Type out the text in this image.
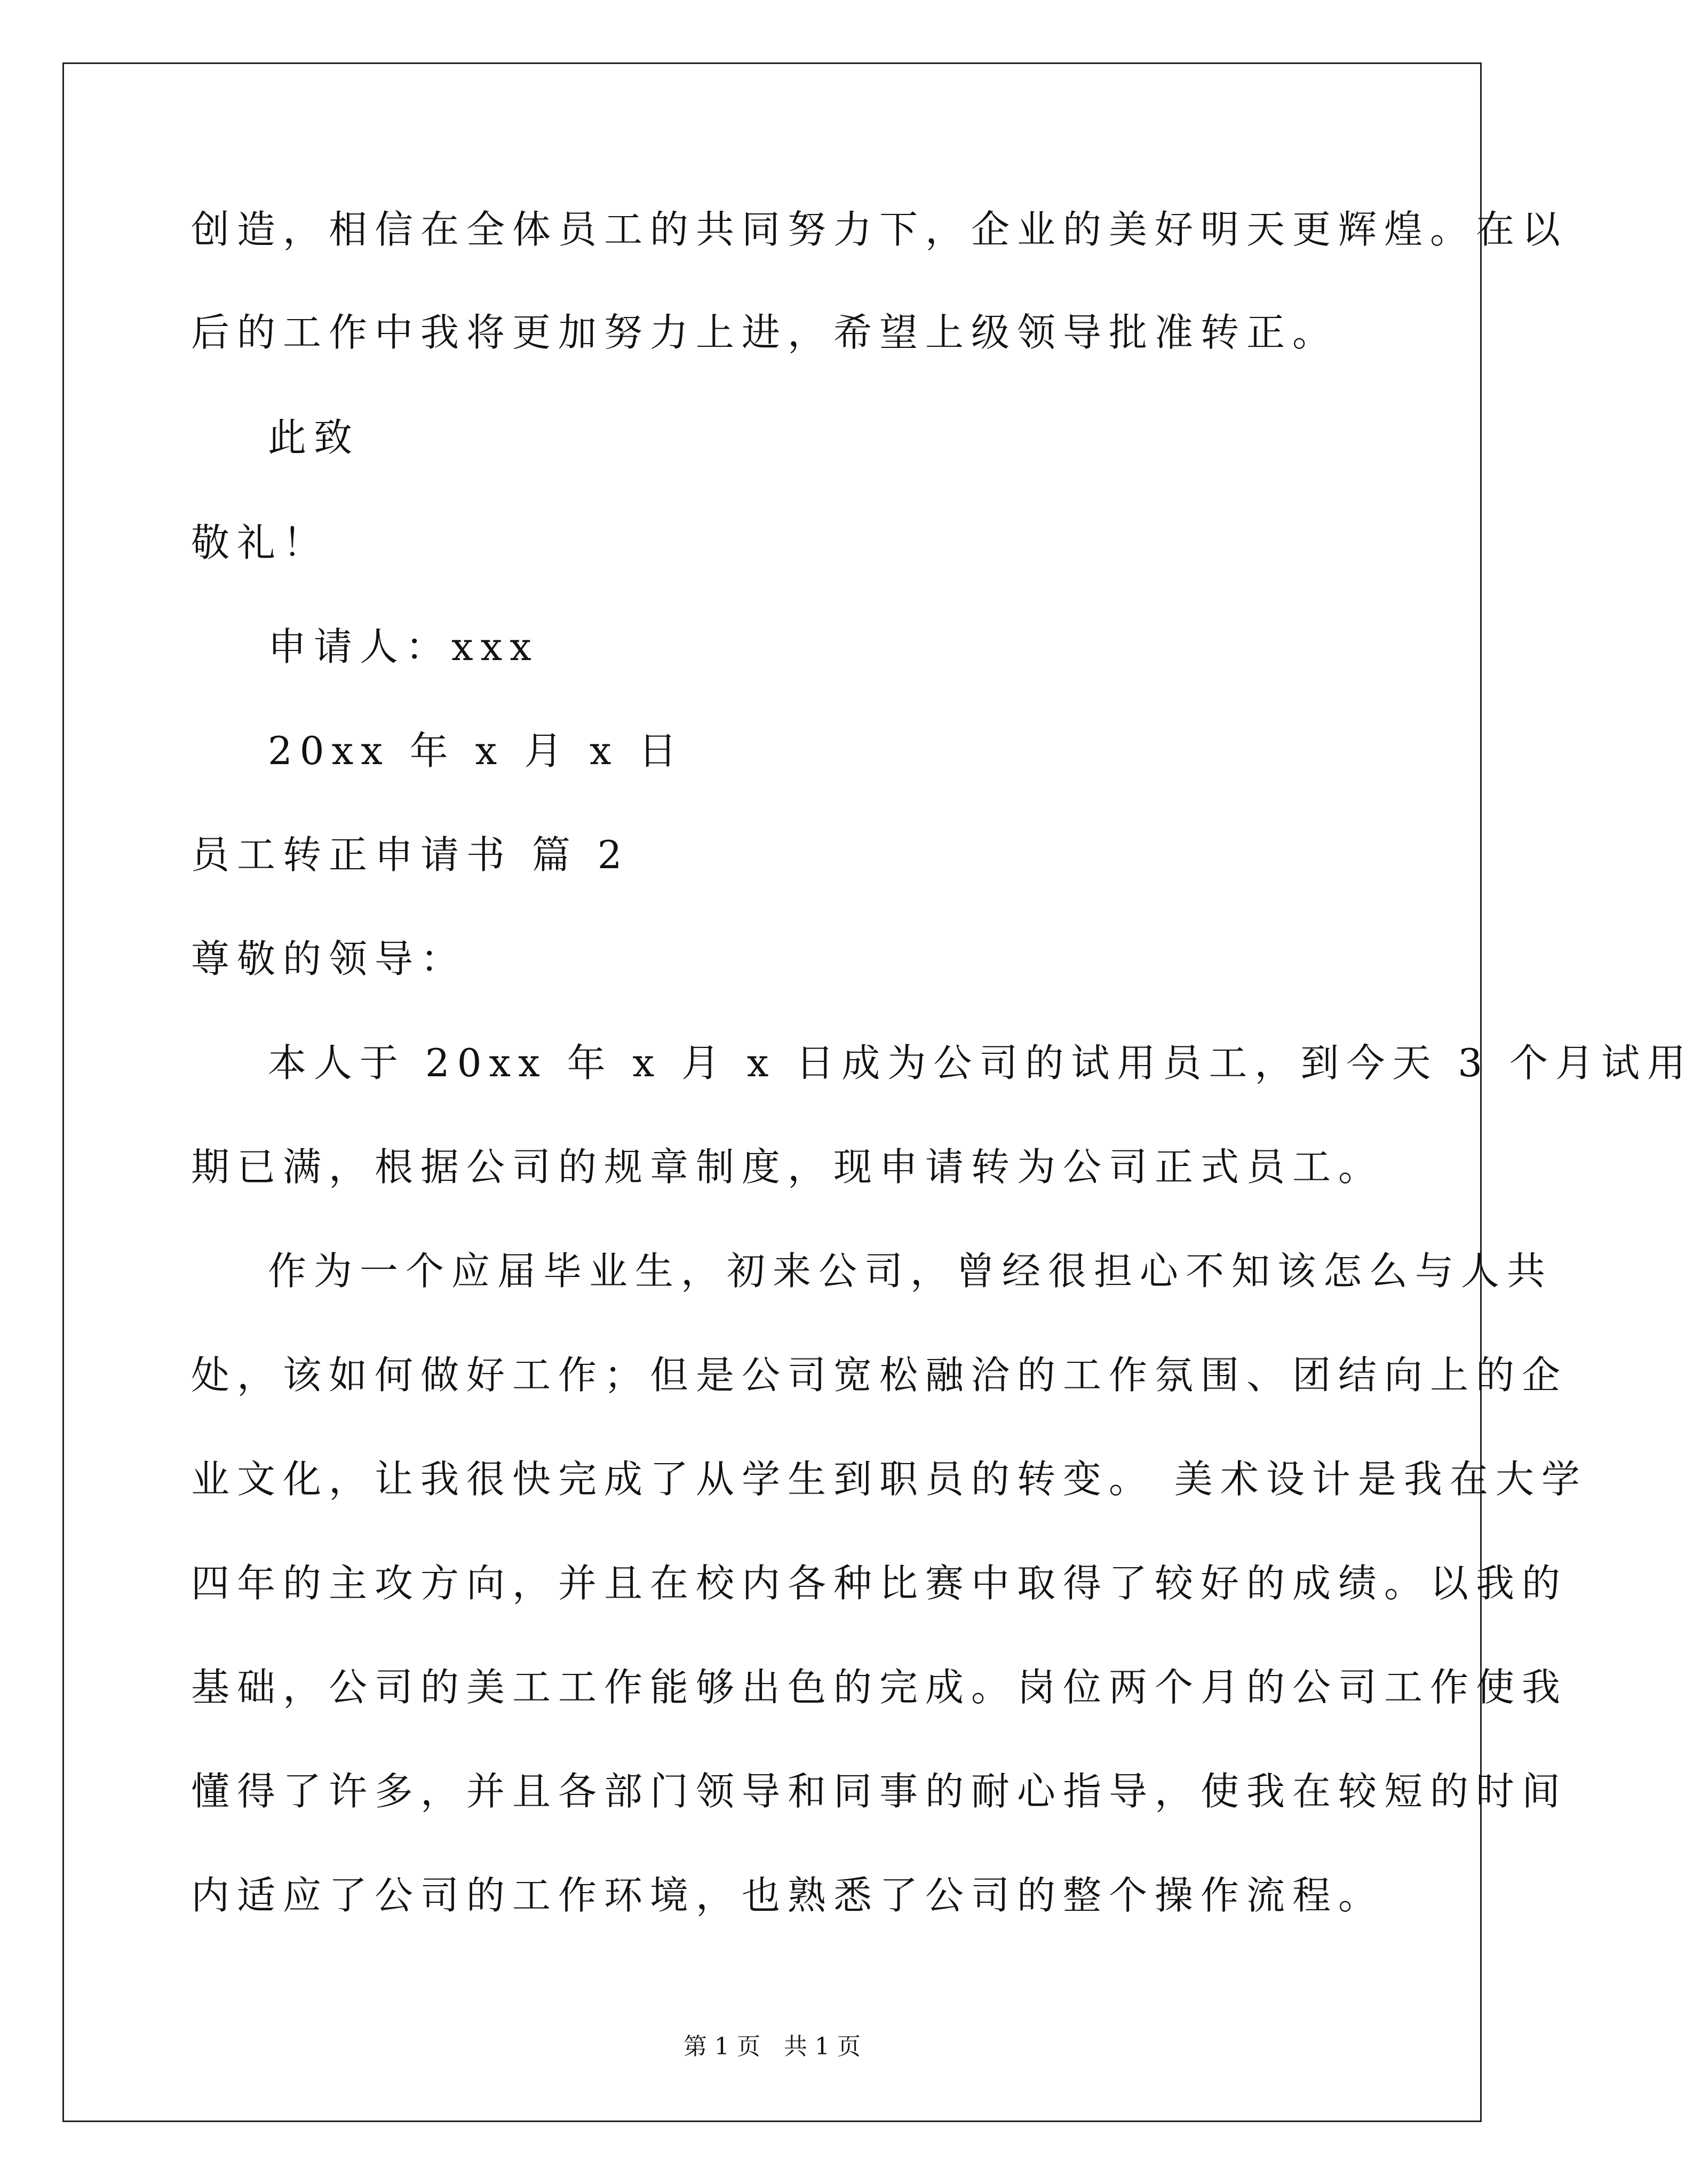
创造，相信在全体员工的共同努力下，企业的美好明天更辉煌。在以
后的工作中我将更加努力上进，希望上级领导批准转正。
此致
敬礼！
申请人：xxx
20xx 年 x 月 x 日
员工转正申请书 篇 2
尊敬的领导：
本人于 20xx 年 x 月 x 日成为公司的试用员工，到今天 3 个月试用
期已满，根据公司的规章制度，现申请转为公司正式员工。
作为一个应届毕业生，初来公司，曾经很担心不知该怎么与人共
处，该如何做好工作；但是公司宽松融洽的工作氛围、团结向上的企
业文化，让我很快完成了从学生到职员的转变。 美术设计是我在大学
四年的主攻方向，并且在校内各种比赛中取得了较好的成绩。以我的
基础，公司的美工工作能够出色的完成。岗位两个月的公司工作使我
懂得了许多，并且各部门领导和同事的耐心指导，使我在较短的时间
内适应了公司的工作环境，也熟悉了公司的整个操作流程。
第 1 页　共 1 页
